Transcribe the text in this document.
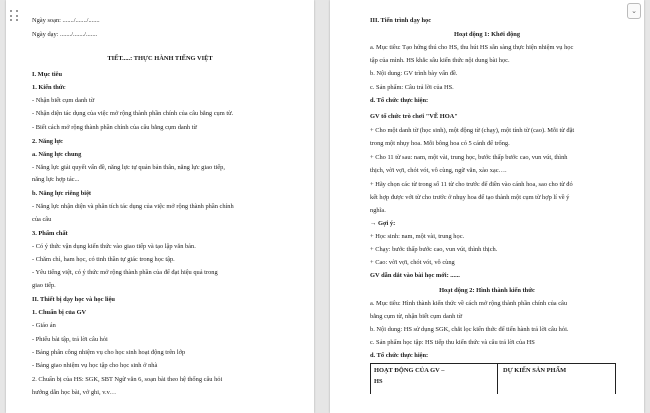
Ngày soạn: ......./......./.......
Ngày dạy: ......./......./.......
TIẾT.....: THỰC HÀNH TIẾNG VIỆT
I. Mục tiêu
1. Kiến thức
- Nhận biết cụm danh từ
- Nhận diện tác dụng của việc mở rộng thành phần chính của câu bằng cụm từ.
- Biết cách mở rộng thành phần chính của câu bằng cụm danh từ
2. Năng lực
a. Năng lực chung
- Năng lực giải quyết vấn đề, năng lực tự quản bản thân, năng lực giao tiếp,
năng lực hợp tác...
b. Năng lực riêng biệt
- Năng lực nhận diện và phân tích tác dụng của việc mở rộng thành phần chính
của câu
3. Phẩm chất
- Có ý thức vận dụng kiến thức vào giao tiếp và tạo lập văn bản.
- Chăm chỉ, ham học, có tinh thần tự giác trong học tập.
- Yêu tiếng việt, có ý thức mở rộng thành phần của để đạt hiệu quả trong
giao tiếp.
II. Thiết bị dạy học và học liệu
1. Chuẩn bị của GV
- Giáo án
- Phiếu bài tập, trả lời câu hỏi
- Bảng phân công nhiệm vụ cho học sinh hoạt động trên lớp
- Bảng giao nhiệm vụ học tập cho học sinh ở nhà
2. Chuẩn bị của HS: SGK, SBT Ngữ văn 6, soạn bài theo hệ thống câu hỏi
hướng dẫn học bài, vở ghi, v.v…
⌄
III. Tiến trình dạy học
Hoạt động 1: Khởi động
a. Mục tiêu: Tạo hứng thú cho HS, thu hút HS sẵn sàng thực hiện nhiệm vụ học
tập của mình. HS khắc sâu kiến thức nội dung bài học.
b. Nội dung: GV trình bày vấn đề.
c. Sản phẩm: Câu trả lời của HS.
d. Tổ chức thực hiện:
GV tổ chức trò chơi "VẼ HOA"
+ Cho một danh từ (học sinh), một động từ (chạy), một tính từ (cao). Mỗi từ đặt
trong một nhụy hoa. Mỗi bông hoa có 5 cánh để trống.
+ Cho 11 từ sau: nam, một vài, trung học, bước thấp bước cao, vun vút, thình
thịch, vời vợi, chót vót, vô cùng, ngữ văn, xào xạc….
+ Hãy chọn các từ trong số 11 từ cho trước để điền vào cánh hoa, sao cho từ đó
kết hợp được với từ cho trước ở nhụy hoa để tạo thành một cụm từ hợp lí về ý
nghĩa.
→ Gợi ý:
+ Học sinh: nam, một vài, trung học.
+ Chạy: bước thấp bước cao, vun vút, thình thịch.
+ Cao: vời vợi, chót vót, vô cùng
GV dẫn dắt vào bài học mới: ......
Hoạt động 2: Hình thành kiến thức
a. Mục tiêu: Hình thành kiến thức về cách mở rộng thành phần chính của câu
bằng cụm từ, nhận biết cụm danh từ
b. Nội dung: HS sử dụng SGK, chắt lọc kiến thức để tiến hành trả lời câu hỏi.
c. Sản phẩm học tập: HS tiếp thu kiến thức và câu trả lời của HS
d. Tổ chức thực hiện:
HOẠT ĐỘNG CỦA GV –
HS
DỰ KIẾN SẢN PHẨM
